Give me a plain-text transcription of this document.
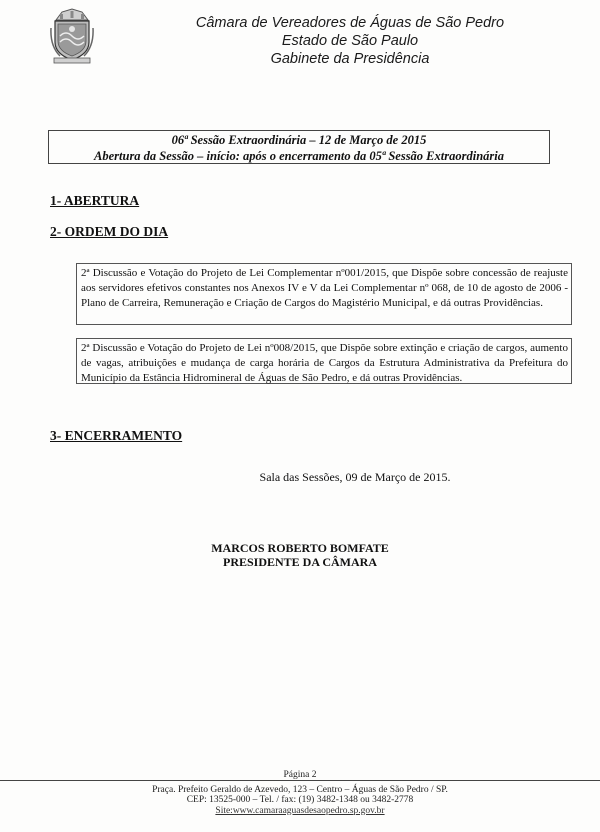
Câmara de Vereadores de Águas de São Pedro
Estado de São Paulo
Gabinete da Presidência
06ª Sessão Extraordinária – 12 de Março de 2015
Abertura da Sessão – início: após o encerramento da 05ª Sessão Extraordinária
1- ABERTURA
2- ORDEM DO DIA
2ª Discussão e Votação do Projeto de Lei Complementar nº001/2015, que Dispõe sobre concessão de reajuste aos servidores efetivos constantes nos Anexos IV e V da Lei Complementar nº 068, de 10 de agosto de 2006 - Plano de Carreira, Remuneração e Criação de Cargos do Magistério Municipal, e dá outras Providências.
2ª Discussão e Votação do Projeto de Lei nº008/2015, que Dispõe sobre extinção e criação de cargos, aumento de vagas, atribuições e mudança de carga horária de Cargos da Estrutura Administrativa da Prefeitura do Município da Estância Hidromineral de Águas de São Pedro, e dá outras Providências.
3- ENCERRAMENTO
Sala das Sessões, 09 de Março de 2015.
MARCOS ROBERTO BOMFATE
PRESIDENTE DA CÂMARA
Página 2
Praça. Prefeito Geraldo de Azevedo, 123 – Centro – Águas de São Pedro / SP.
CEP: 13525-000 – Tel. / fax: (19) 3482-1348 ou 3482-2778
Site:www.camaraaguasdesaopedro.sp.gov.br
